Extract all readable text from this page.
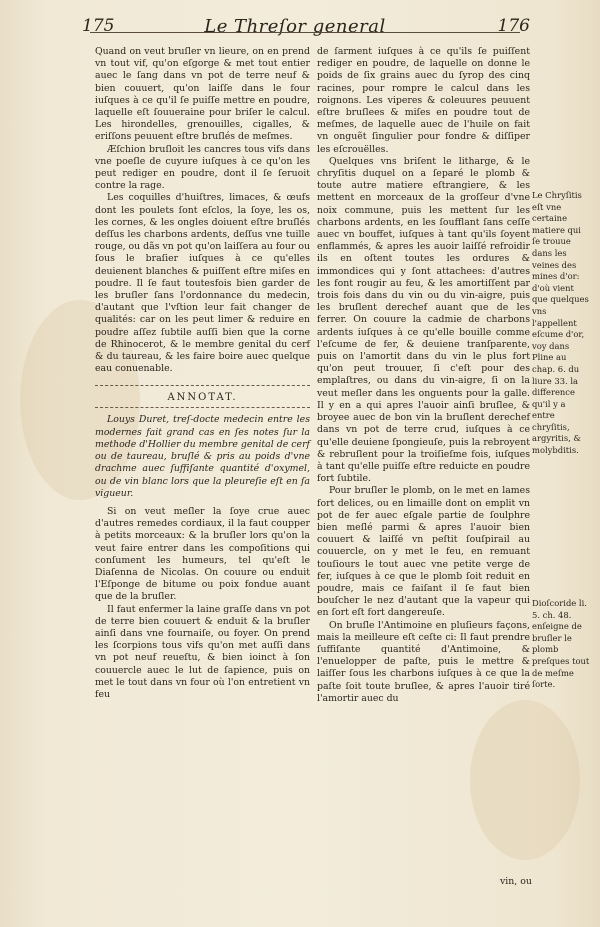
175	Le Threſor general	176

Quand on veut bruſler vn lieure, on en prend vn tout vif, qu'on eſgorge & met tout entier auec le ſang dans vn pot de terre neuf & bien couuert, qu'on laiſſe dans le four iuſques à ce qu'il ſe puiſſe mettre en poudre, laquelle eſt ſouueraine pour briſer le calcul. Les hirondelles, grenouilles, cigalles, & eriſſons peuuent eſtre bruſlés de meſmes.

Æſchion bruſloit les cancres tous vifs dans vne poeſle de cuyure iuſques à ce qu'on les peut rediger en poudre, dont il ſe ſeruoit contre la rage.

Les coquilles d'huiſtres, limaces, & œufs dont les poulets ſont eſclos, la ſoye, les os, les cornes, & les ongles doiuent eſtre bruſlés deſſus les charbons ardents, deſſus vne tuille rouge, ou dãs vn pot qu'on laiſſera au four ou ſous le braſier iuſques à ce qu'elles deuienent blanches & puiſſent eſtre miſes en poudre. Il ſe faut toutesfois bien garder de les bruſler ſans l'ordonnance du medecin, d'autant que l'vſtion leur fait changer de qualités: car on les peut limer & reduire en poudre aſſez ſubtile auſſi bien que la corne de Rhinocerot, & le membre genital du cerf & du taureau, & les faire boire auec quelque eau conuenable.

ANNOTAT.

Louys Duret, treſ-docte medecin entre les modernes fait grand cas en ſes notes ſur la methode d'Hollier du membre genital de cerf ou de taureau, bruſlé & pris au poids d'vne drachme auec ſuffiſante quantité d'oxymel, ou de vin blanc lors que la pleureſie eſt en ſa vigueur.

Si on veut meſler la ſoye crue auec d'autres remedes cordiaux, il la faut coupper à petits morceaux: & la bruſler lors qu'on la veut faire entrer dans les compoſitions qui conſument les humeurs, tel qu'eſt le Diaſenna de Nicolas. On couure ou enduit l'Eſponge de bitume ou poix fondue auant que de la bruſler.

Il faut enfermer la laine graſſe dans vn pot de terre bien couuert & enduit & la bruſler ainſi dans vne fournaiſe, ou foyer. On prend les ſcorpions tous vifs qu'on met auſſi dans vn pot neuf reueſtu, & bien ioinct à ſon couuercle auec le lut de ſapience, puis on met le tout dans vn four où l'on entretient vn feu

de ſarment iuſques à ce qu'ils ſe puiſſent rediger en poudre, de laquelle on donne le poids de ſix grains auec du ſyrop des cinq racines, pour rompre le calcul dans les roignons. Les viperes & coleuures peuuent eſtre bruſlees & miſes en poudre tout de meſmes, de laquelle auec de l'huile on fait vn onguẽt ſingulier pour fondre & diſſiper les eſcrouëlles.

Quelques vns briſent le litharge, & le chryſitis duquel on a ſeparé le plomb & toute autre matiere eſtrangiere, & les mettent en morceaux de la groſſeur d'vne noix commune, puis les mettent ſur les charbons ardents, en les ſoufflant ſans ceſſe auec vn bouffet, iuſques à tant qu'ils ſoyent enflammés, & apres les auoir laiſſé refroidir ils en oſtent toutes les ordures & immondices qui y ſont attachees: d'autres les font rougir au feu, & les amortiſſent par trois fois dans du vin ou du vin-aigre, puis les bruſlent derechef auant que de les ferrer. On couure la cadmie de charbons ardents iuſques à ce qu'elle bouille comme l'eſcume de fer, & deuiene tranſparente, puis on l'amortit dans du vin le plus fort qu'on peut trouuer, ſi c'eſt pour des emplaſtres, ou dans du vin-aigre, ſi on la veut meſler dans les onguents pour la galle. Il y en a qui apres l'auoir ainſi bruſlee, & broyee auec de bon vin la bruſlent derechef dans vn pot de terre crud, iuſques à ce qu'elle deuiene ſpongieuſe, puis la rebroyent & rebruſlent pour la troiſieſme fois, iuſques à tant qu'elle puiſſe eſtre reduicte en poudre fort ſubtile.

Pour bruſler le plomb, on le met en lames fort delices, ou en limaille dont on emplit vn pot de fer auec eſgale partie de ſoulphre bien meſlé parmi & apres l'auoir bien couuert & laiſſé vn peſtit ſouſpirail au couuercle, on y met le feu, en remuant touſiours le tout auec vne petite verge de fer, iuſques à ce que le plomb ſoit reduit en poudre, mais ce faiſant il ſe faut bien bouſcher le nez d'autant que la vapeur qui en ſort eſt fort dangereuſe.

On bruſle l'Antimoine en pluſieurs façons, mais la meilleure eſt ceſte ci: Il faut prendre ſuffiſante quantité d'Antimoine, & l'enuelopper de paſte, puis le mettre & laiſſer ſous les charbons iuſques à ce que la paſte ſoit toute bruſlee, & apres l'auoir tiré l'amortir auec du

Le Chryſitis eſt vne certaine matiere qui ſe trouue dans les veines des mines d'or: d'où vient que quelques vns l'appellent eſcume d'or, voy dans Pline au chap. 6. du liure 33. la difference qu'il y a entre chryſitis, argyritis, & molybditis.
Dioſcoride li. 5. ch. 48. enſeigne de bruſler le plomb preſques tout de meſme ſorte.
vin, ou
